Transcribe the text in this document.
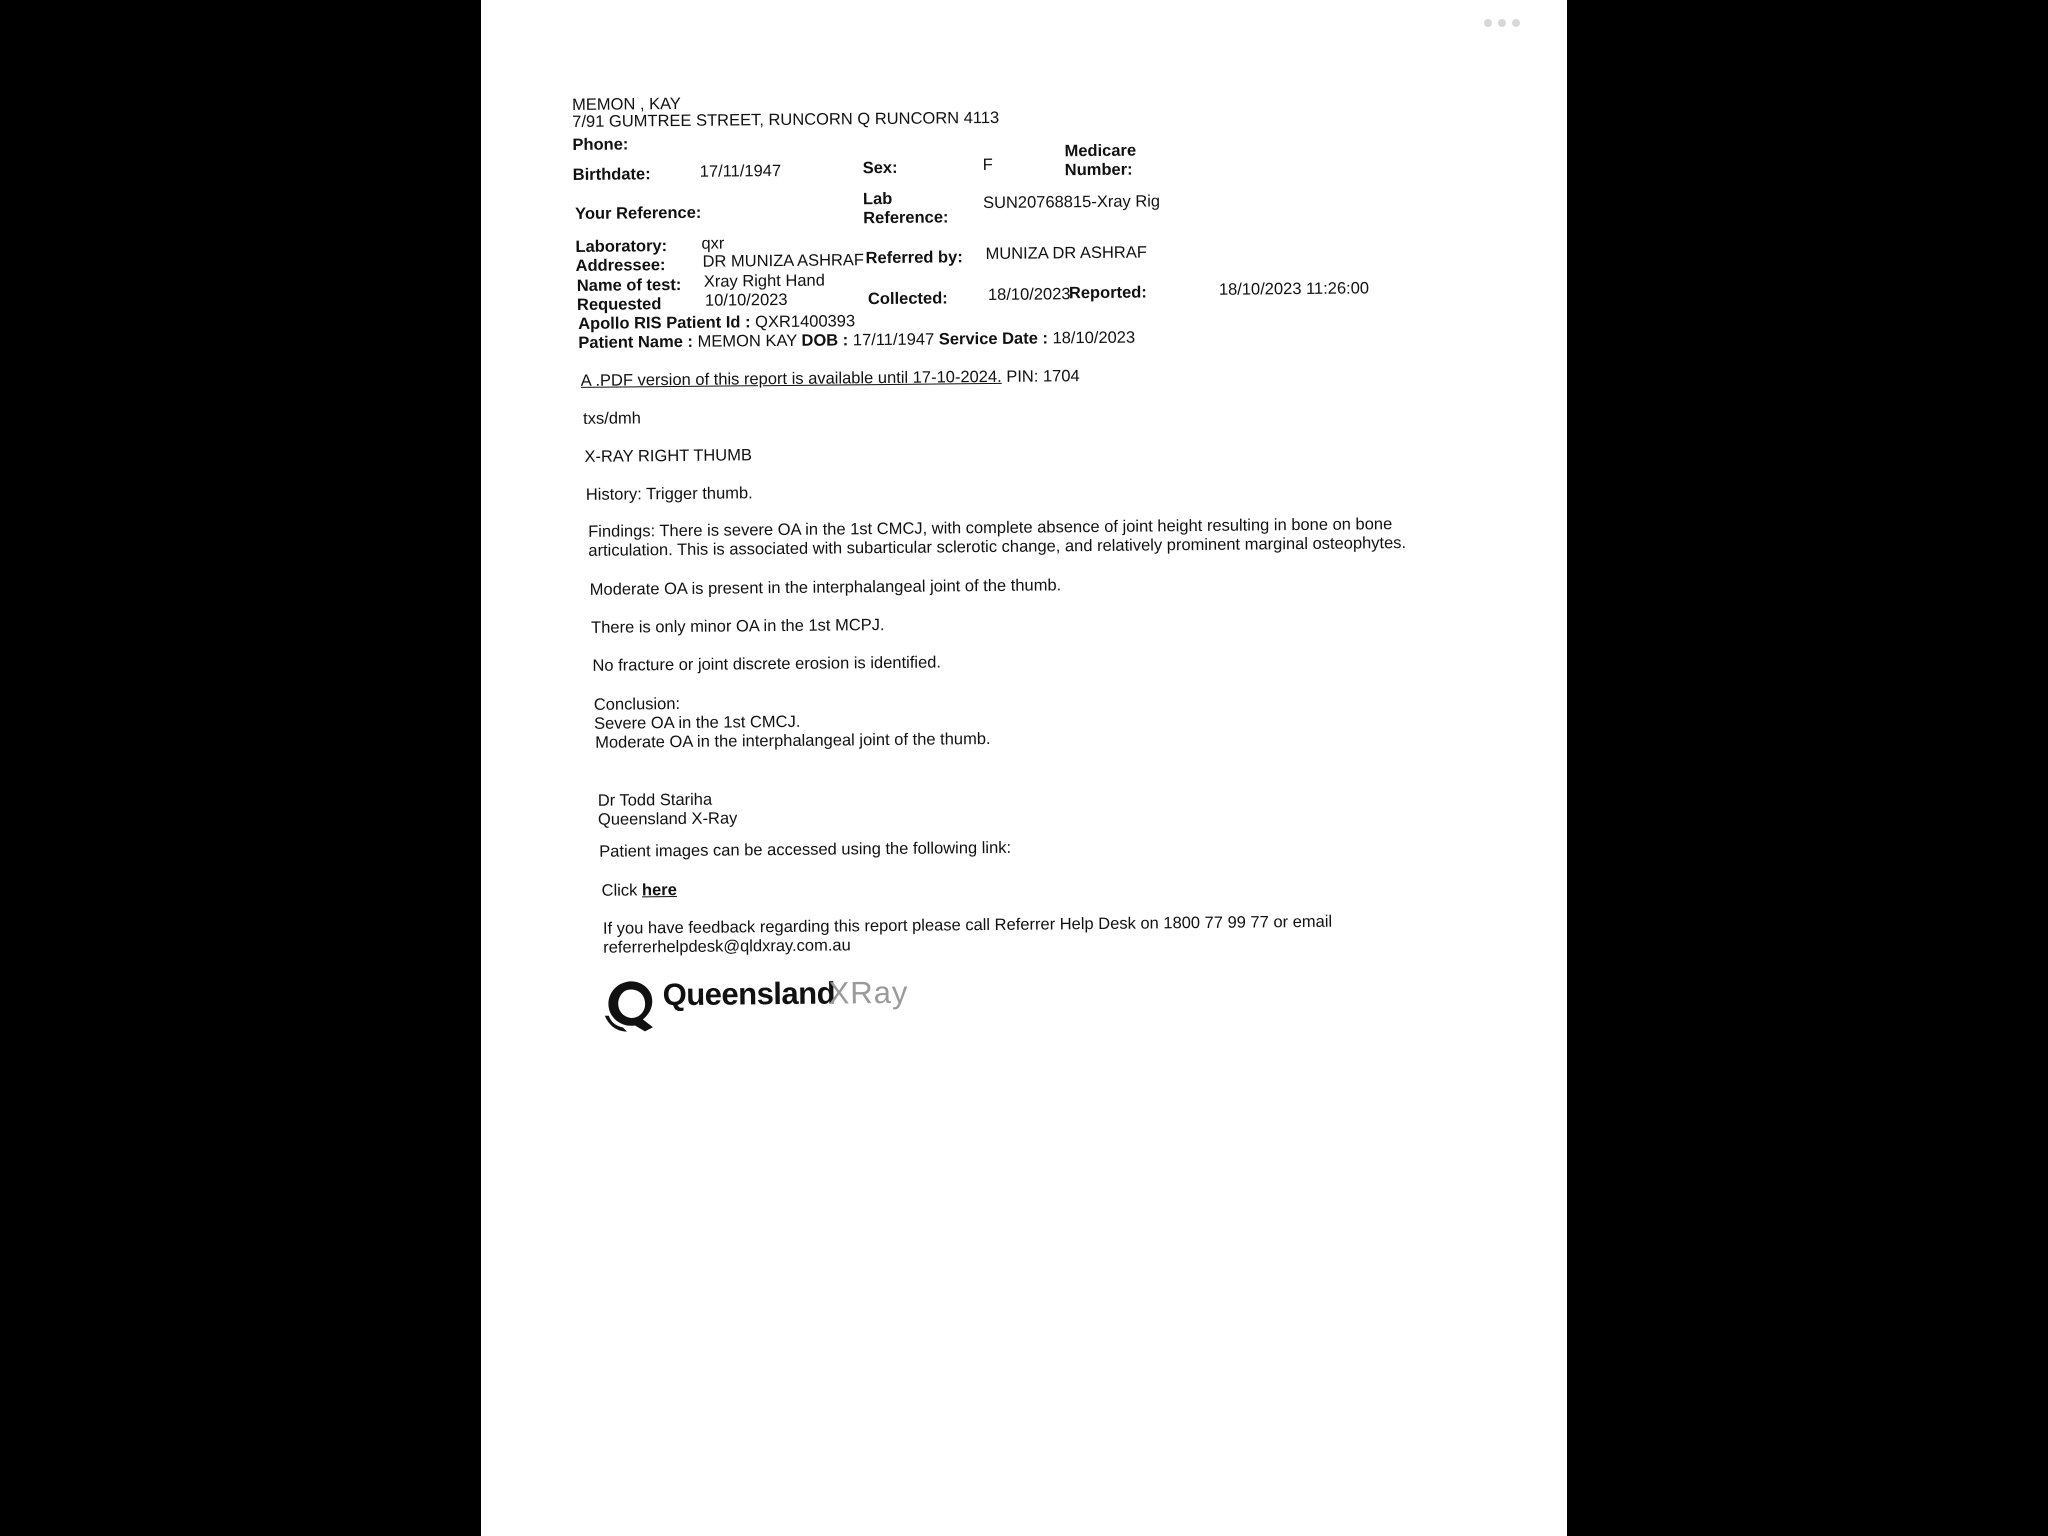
MEMON , KAY
7/91 GUMTREE STREET, RUNCORN Q RUNCORN 4113
Phone:
Birthdate:	17/11/1947	Sex:	F
Medicare
Number:
Your Reference:
Lab
Reference:
SUN20768815-Xray Rig
Laboratory: qxr
Addressee: DR MUNIZA ASHRAF Referred by: MUNIZA DR ASHRAF
Name of test: Xray Right Hand
Requested	10/10/2023	Collected: 18/10/2023
Reported:	18/10/2023 11:26:00
Apollo RIS Patient Id : QXR1400393
Patient Name : MEMON KAY DOB : 17/11/1947 Service Date : 18/10/2023
A .PDF version of this report is available until 17-10-2024. PIN: 1704
txs/dmh
X-RAY RIGHT THUMB
History: Trigger thumb.
Findings: There is severe OA in the 1st CMCJ, with complete absence of joint height resulting in bone on bone
articulation. This is associated with subarticular sclerotic change, and relatively prominent marginal osteophytes.
Moderate OA is present in the interphalangeal joint of the thumb.
There is only minor OA in the 1st MCPJ.
No fracture or joint discrete erosion is identified.
Conclusion:
Severe OA in the 1st CMCJ.
Moderate OA in the interphalangeal joint of the thumb.
Dr Todd Stariha
Queensland X-Ray
Patient images can be accessed using the following link:
Click here
If you have feedback regarding this report please call Referrer Help Desk on 1800 77 99 77 or email
referrerhelpdesk@qldxray.com.au
Queensland
XRay
